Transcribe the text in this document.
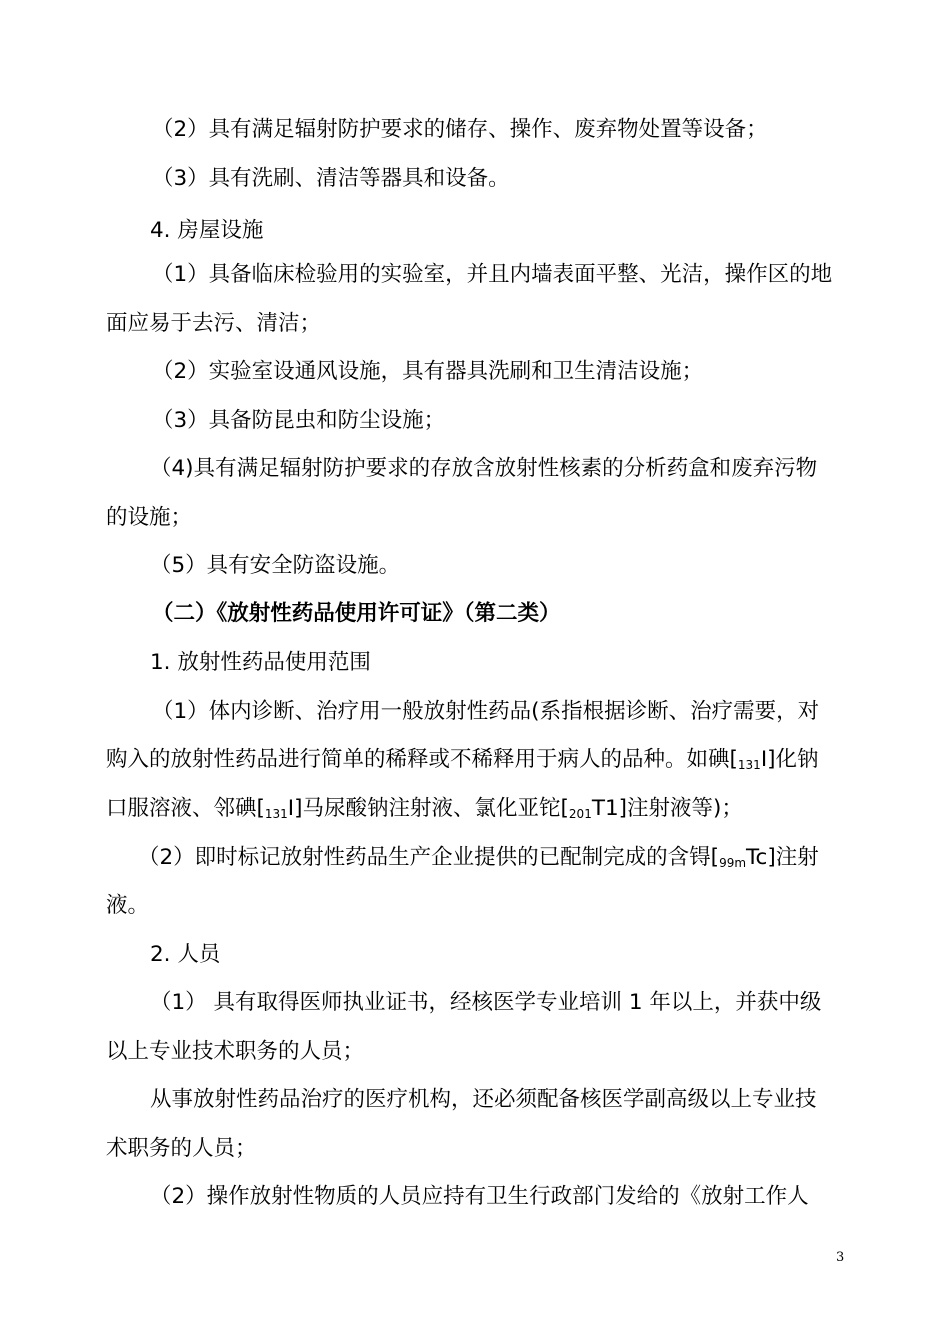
（2）具有满足辐射防护要求的储存、操作、废弃物处置等设备；
（3）具有洗刷、清洁等器具和设备。
4. 房屋设施
（1）具备临床检验用的实验室，并且内墙表面平整、光洁，操作区的地
面应易于去污、清洁；
（2）实验室设通风设施，具有器具洗刷和卫生清洁设施；
（3）具备防昆虫和防尘设施；
（4)具有满足辐射防护要求的存放含放射性核素的分析药盒和废弃污物
的设施；
（5）具有安全防盗设施。
（二）《放射性药品使用许可证》（第二类）
1. 放射性药品使用范围
（1）体内诊断、治疗用一般放射性药品(系指根据诊断、治疗需要，对
购入的放射性药品进行简单的稀释或不稀释用于病人的品种。如碘$[_{131}I]$化钠
口服溶液、邻碘$[_{131}I]$马尿酸钠注射液、氯化亚铊$[_{201}T1]$注射液等)；
（2）即时标记放射性药品生产企业提供的已配制完成的含锝$[_{99m}Tc]$注射
液。
2. 人员
（1） 具有取得医师执业证书，经核医学专业培训 1 年以上，并获中级
以上专业技术职务的人员；
从事放射性药品治疗的医疗机构，还必须配备核医学副高级以上专业技
术职务的人员；
（2）操作放射性物质的人员应持有卫生行政部门发给的《放射工作人
3
